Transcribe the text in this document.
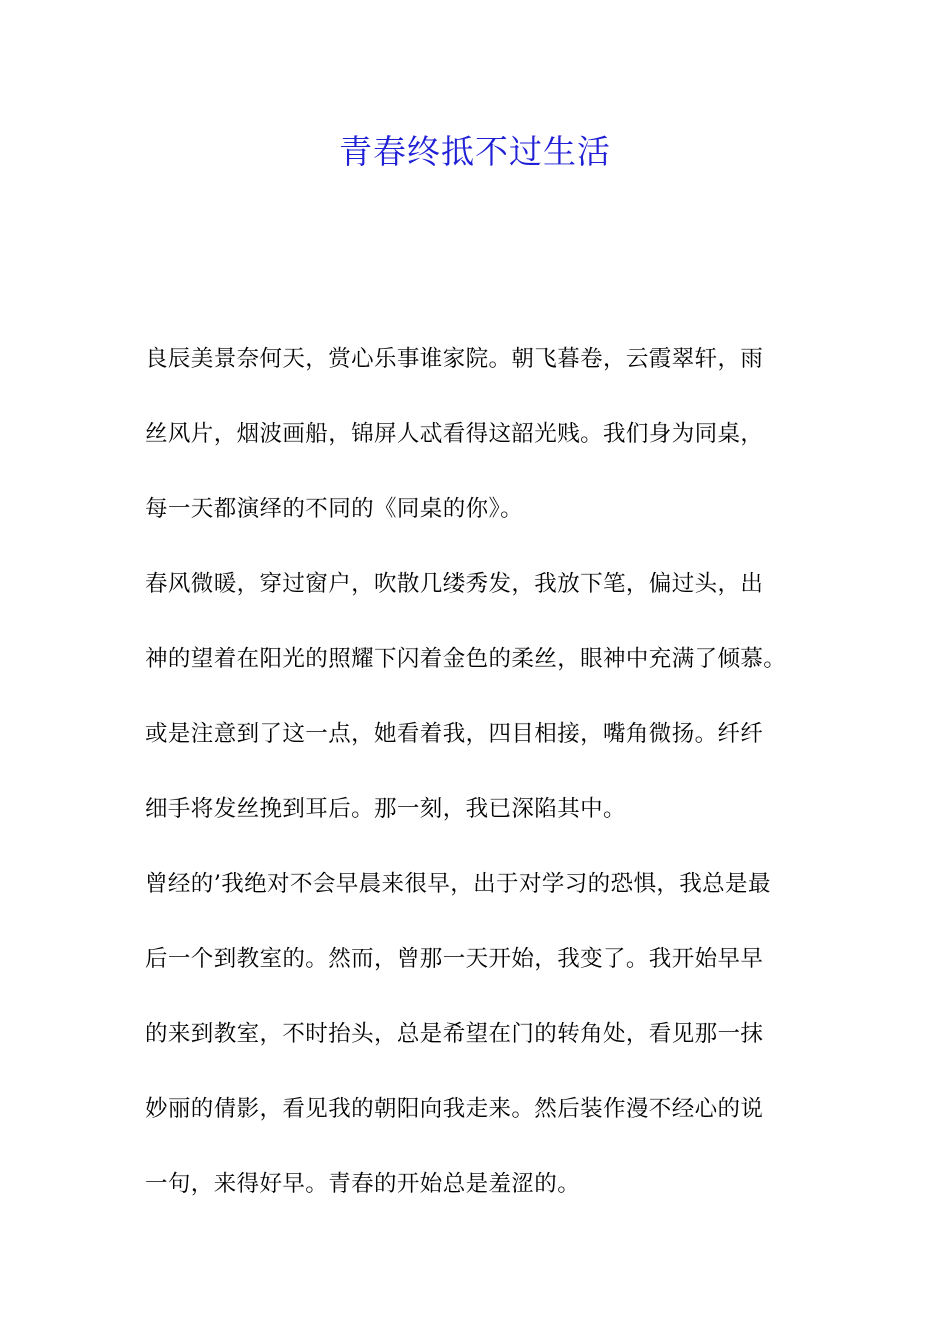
青春终抵不过生活
良辰美景奈何天，赏心乐事谁家院。朝飞暮卷，云霞翠轩，雨
丝风片，烟波画船，锦屏人忒看得这韶光贱。我们身为同桌，
每一天都演绎的不同的《同桌的你》。
春风微暖，穿过窗户，吹散几缕秀发，我放下笔，偏过头，出
神的望着在阳光的照耀下闪着金色的柔丝，眼神中充满了倾慕。
或是注意到了这一点，她看着我，四目相接，嘴角微扬。纤纤
细手将发丝挽到耳后。那一刻，我已深陷其中。
曾经的’我绝对不会早晨来很早，出于对学习的恐惧，我总是最
后一个到教室的。然而，曾那一天开始，我变了。我开始早早
的来到教室，不时抬头，总是希望在门的转角处，看见那一抹
妙丽的倩影，看见我的朝阳向我走来。然后装作漫不经心的说
一句，来得好早。青春的开始总是羞涩的。
